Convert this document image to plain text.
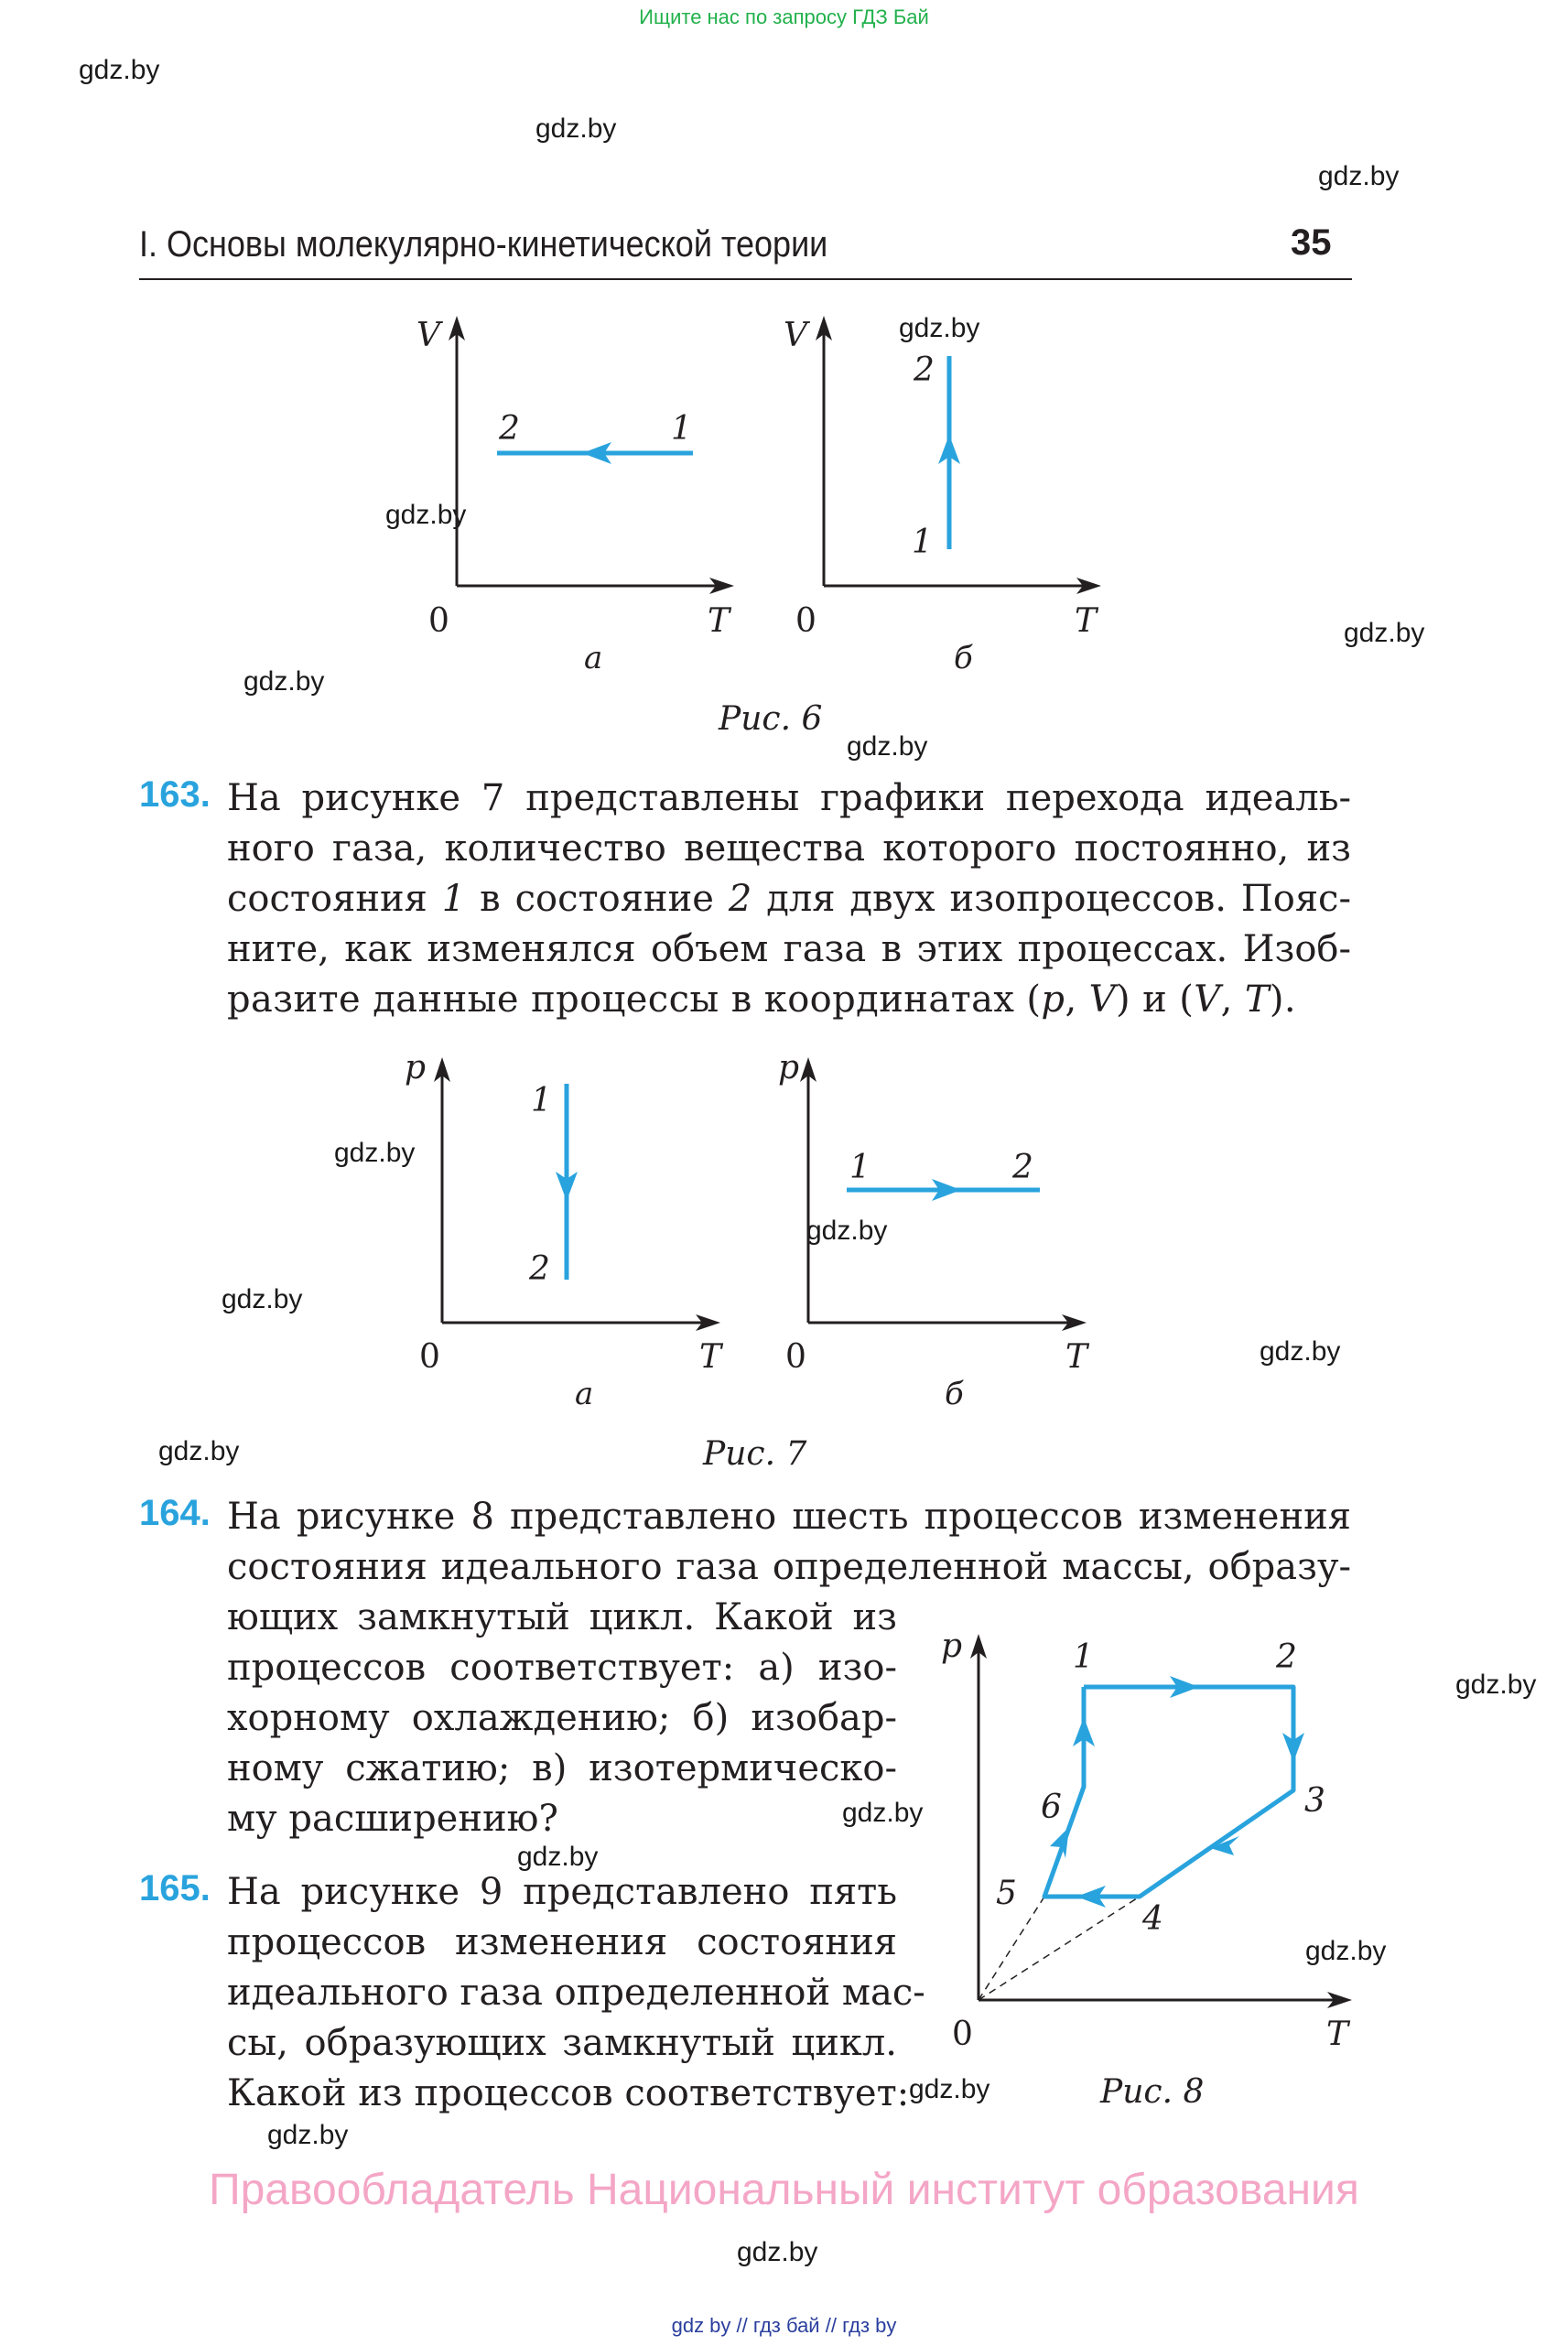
Ищите нас по запросу ГДЗ Бай
gdz.by
gdz.by
gdz.by
gdz.by
gdz.by
gdz.by
gdz.by
gdz.by
gdz.by
gdz.by
gdz.by
gdz.by
gdz.by
gdz.by
gdz.by
gdz.by
gdz.by
gdz.by
gdz.by
gdz.by
I. Основы молекулярно-кинетической теории	35
V
T
0
1
2
а
V
T
0
1
2
б
Рис. 6
163. На рисунке 7 представлены графики перехода идеаль-
ного газа, количество вещества которого постоянно, из
состояния 1 в состояние 2 для двух изопроцессов. Пояс-
ните, как изменялся объем газа в этих процессах. Изоб-
разите данные процессы в координатах (p, V) и (V, T).
p
T
0
1
2
а
p
T
0
1	2
б
Рис. 7
164. На рисунке 8 представлено шесть процессов изменения
состояния идеального газа определенной массы, образу-
ющих замкнутый цикл. Какой из
процессов соответствует: а) изо-
хорному охлаждению; б) изобар-
ному сжатию; в) изотермическо-
му расширению?
165. На рисунке 9 представлено пять
процессов изменения состояния
идеального газа определенной мас-
сы, образующих замкнутый цикл.
Какой из процессов соответствует:
p
T
0
1	2
3
4
5
6
Рис. 8
Правообладатель Национальный институт образования
gdz by // гдз бай // гдз by
